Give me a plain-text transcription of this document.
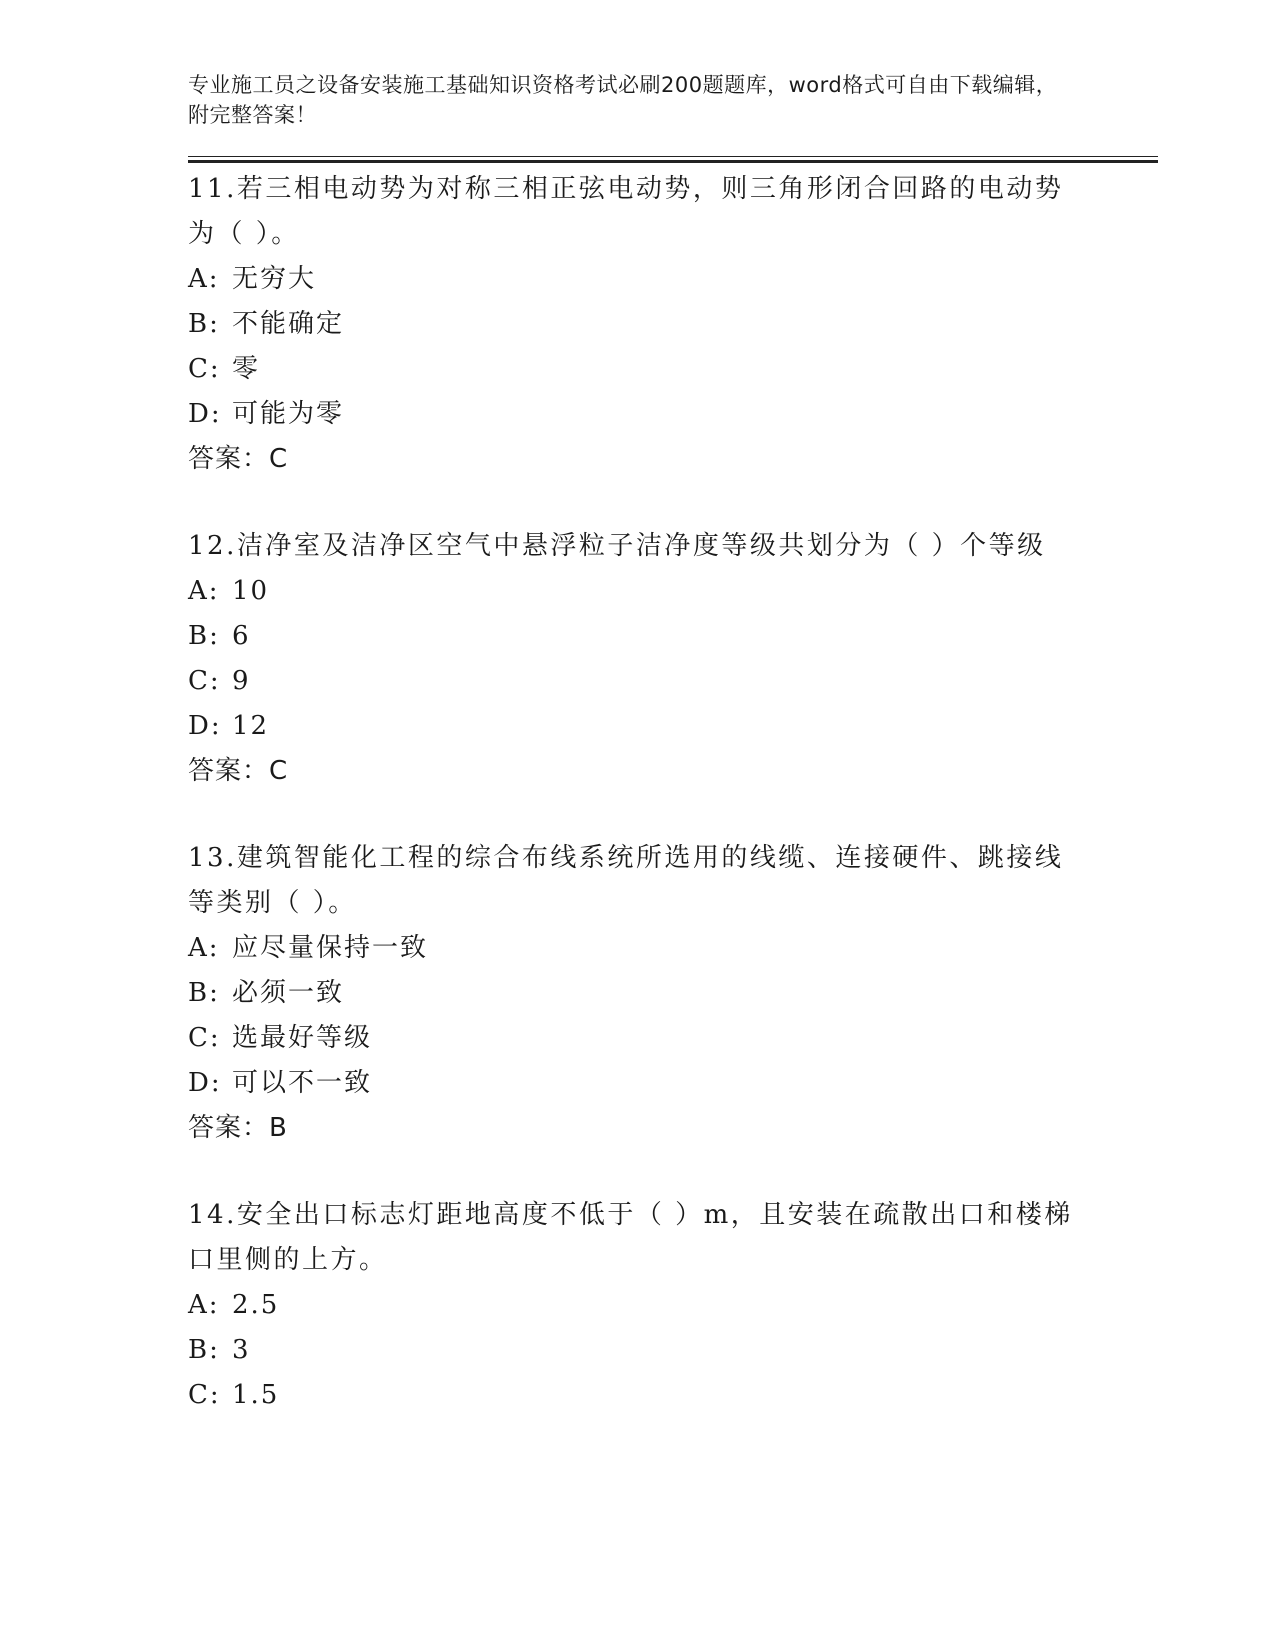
专业施工员之设备安装施工基础知识资格考试必刷200题题库，word格式可自由下载编辑，附完整答案！
11.若三相电动势为对称三相正弦电动势，则三角形闭合回路的电动势为（ ）。
A: 无穷大
B: 不能确定
C: 零
D: 可能为零
答案：C
12.洁净室及洁净区空气中悬浮粒子洁净度等级共划分为（ ）个等级
A: 10
B: 6
C: 9
D: 12
答案：C
13.建筑智能化工程的综合布线系统所选用的线缆、连接硬件、跳接线等类别（ ）。
A: 应尽量保持一致
B: 必须一致
C: 选最好等级
D: 可以不一致
答案：B
14.安全出口标志灯距地高度不低于（ ）m，且安装在疏散出口和楼梯口里侧的上方。
A: 2.5
B: 3
C: 1.5
